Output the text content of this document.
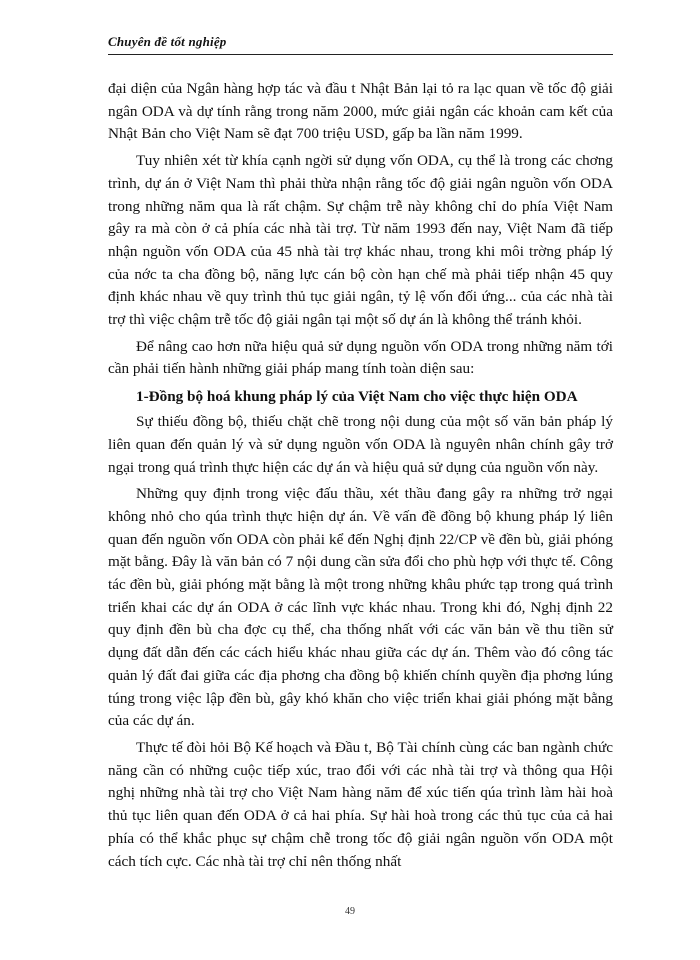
Chuyên đề tốt nghiệp

đại diện của Ngân hàng hợp tác và đầu t Nhật Bản lại tỏ ra lạc quan về tốc độ giải ngân ODA và dự tính rằng trong năm 2000, mức giải ngân các khoản cam kết của Nhật Bản cho Việt Nam sẽ đạt 700 triệu USD, gấp ba lần năm 1999.

Tuy nhiên xét từ khía cạnh ngời sử dụng vốn ODA, cụ thể là trong các chơng trình, dự án ở Việt Nam thì phải thừa nhận rằng tốc độ giải ngân nguồn vốn ODA trong những năm qua là rất chậm. Sự chậm trễ này không chỉ do phía Việt Nam gây ra mà còn ở cả phía các nhà tài trợ. Từ năm 1993 đến nay, Việt Nam đã tiếp nhận nguồn vốn ODA của 45 nhà tài trợ khác nhau, trong khi môi trờng pháp lý của nớc ta cha đồng bộ, năng lực cán bộ còn hạn chế mà phải tiếp nhận 45 quy định khác nhau về quy trình thủ tục giải ngân, tỷ lệ vốn đối ứng... của các nhà tài trợ thì việc chậm trễ tốc độ giải ngân tại một số dự án là không thể tránh khỏi.

Để nâng cao hơn nữa hiệu quả sử dụng nguồn vốn ODA trong những năm tới cần phải tiến hành những giải pháp mang tính toàn diện sau:

1-Đồng bộ hoá khung pháp lý của Việt Nam cho việc thực hiện ODA

Sự thiếu đồng bộ, thiếu chặt chẽ trong nội dung của một số văn bản pháp lý liên quan đến quản lý và sử dụng nguồn vốn ODA là nguyên nhân chính gây trở ngại trong quá trình thực hiện các dự án và hiệu quả sử dụng của nguồn vốn này.

Những quy định trong việc đấu thầu, xét thầu đang gây ra những trở ngại không nhỏ cho qúa trình thực hiện dự án. Về vấn đề đồng bộ khung pháp lý liên quan đến nguồn vốn ODA còn phải kể đến Nghị định 22/CP về đền bù, giải phóng mặt bằng. Đây là văn bản có 7 nội dung cần sửa đổi cho phù hợp với thực tế. Công tác đền bù, giải phóng mặt bằng là một trong những khâu phức tạp trong quá trình triển khai các dự án ODA ở các lĩnh vực khác nhau. Trong khi đó, Nghị định 22 quy định đền bù cha đợc cụ thể, cha thống nhất với các văn bản về thu tiền sử dụng đất dẫn đến các cách hiểu khác nhau giữa các dự án. Thêm vào đó công tác quản lý đất đai giữa các địa phơng cha đồng bộ khiến chính quyền địa phơng lúng túng trong việc lập đền bù, gây khó khăn cho việc triển khai giải phóng mặt bằng của các dự án.

Thực tế đòi hỏi Bộ Kế hoạch và Đầu t, Bộ Tài chính cùng các ban ngành chức năng cần có những cuộc tiếp xúc, trao đổi với các nhà tài trợ và thông qua Hội nghị những nhà tài trợ cho Việt Nam hàng năm để xúc tiến qúa trình làm hài hoà thủ tục liên quan đến ODA ở cả hai phía. Sự hài hoà trong các thủ tục của cả hai phía có thể khắc phục sự chậm chễ trong tốc độ giải ngân nguồn vốn ODA một cách tích cực. Các nhà tài trợ chỉ nên thống nhất

49
